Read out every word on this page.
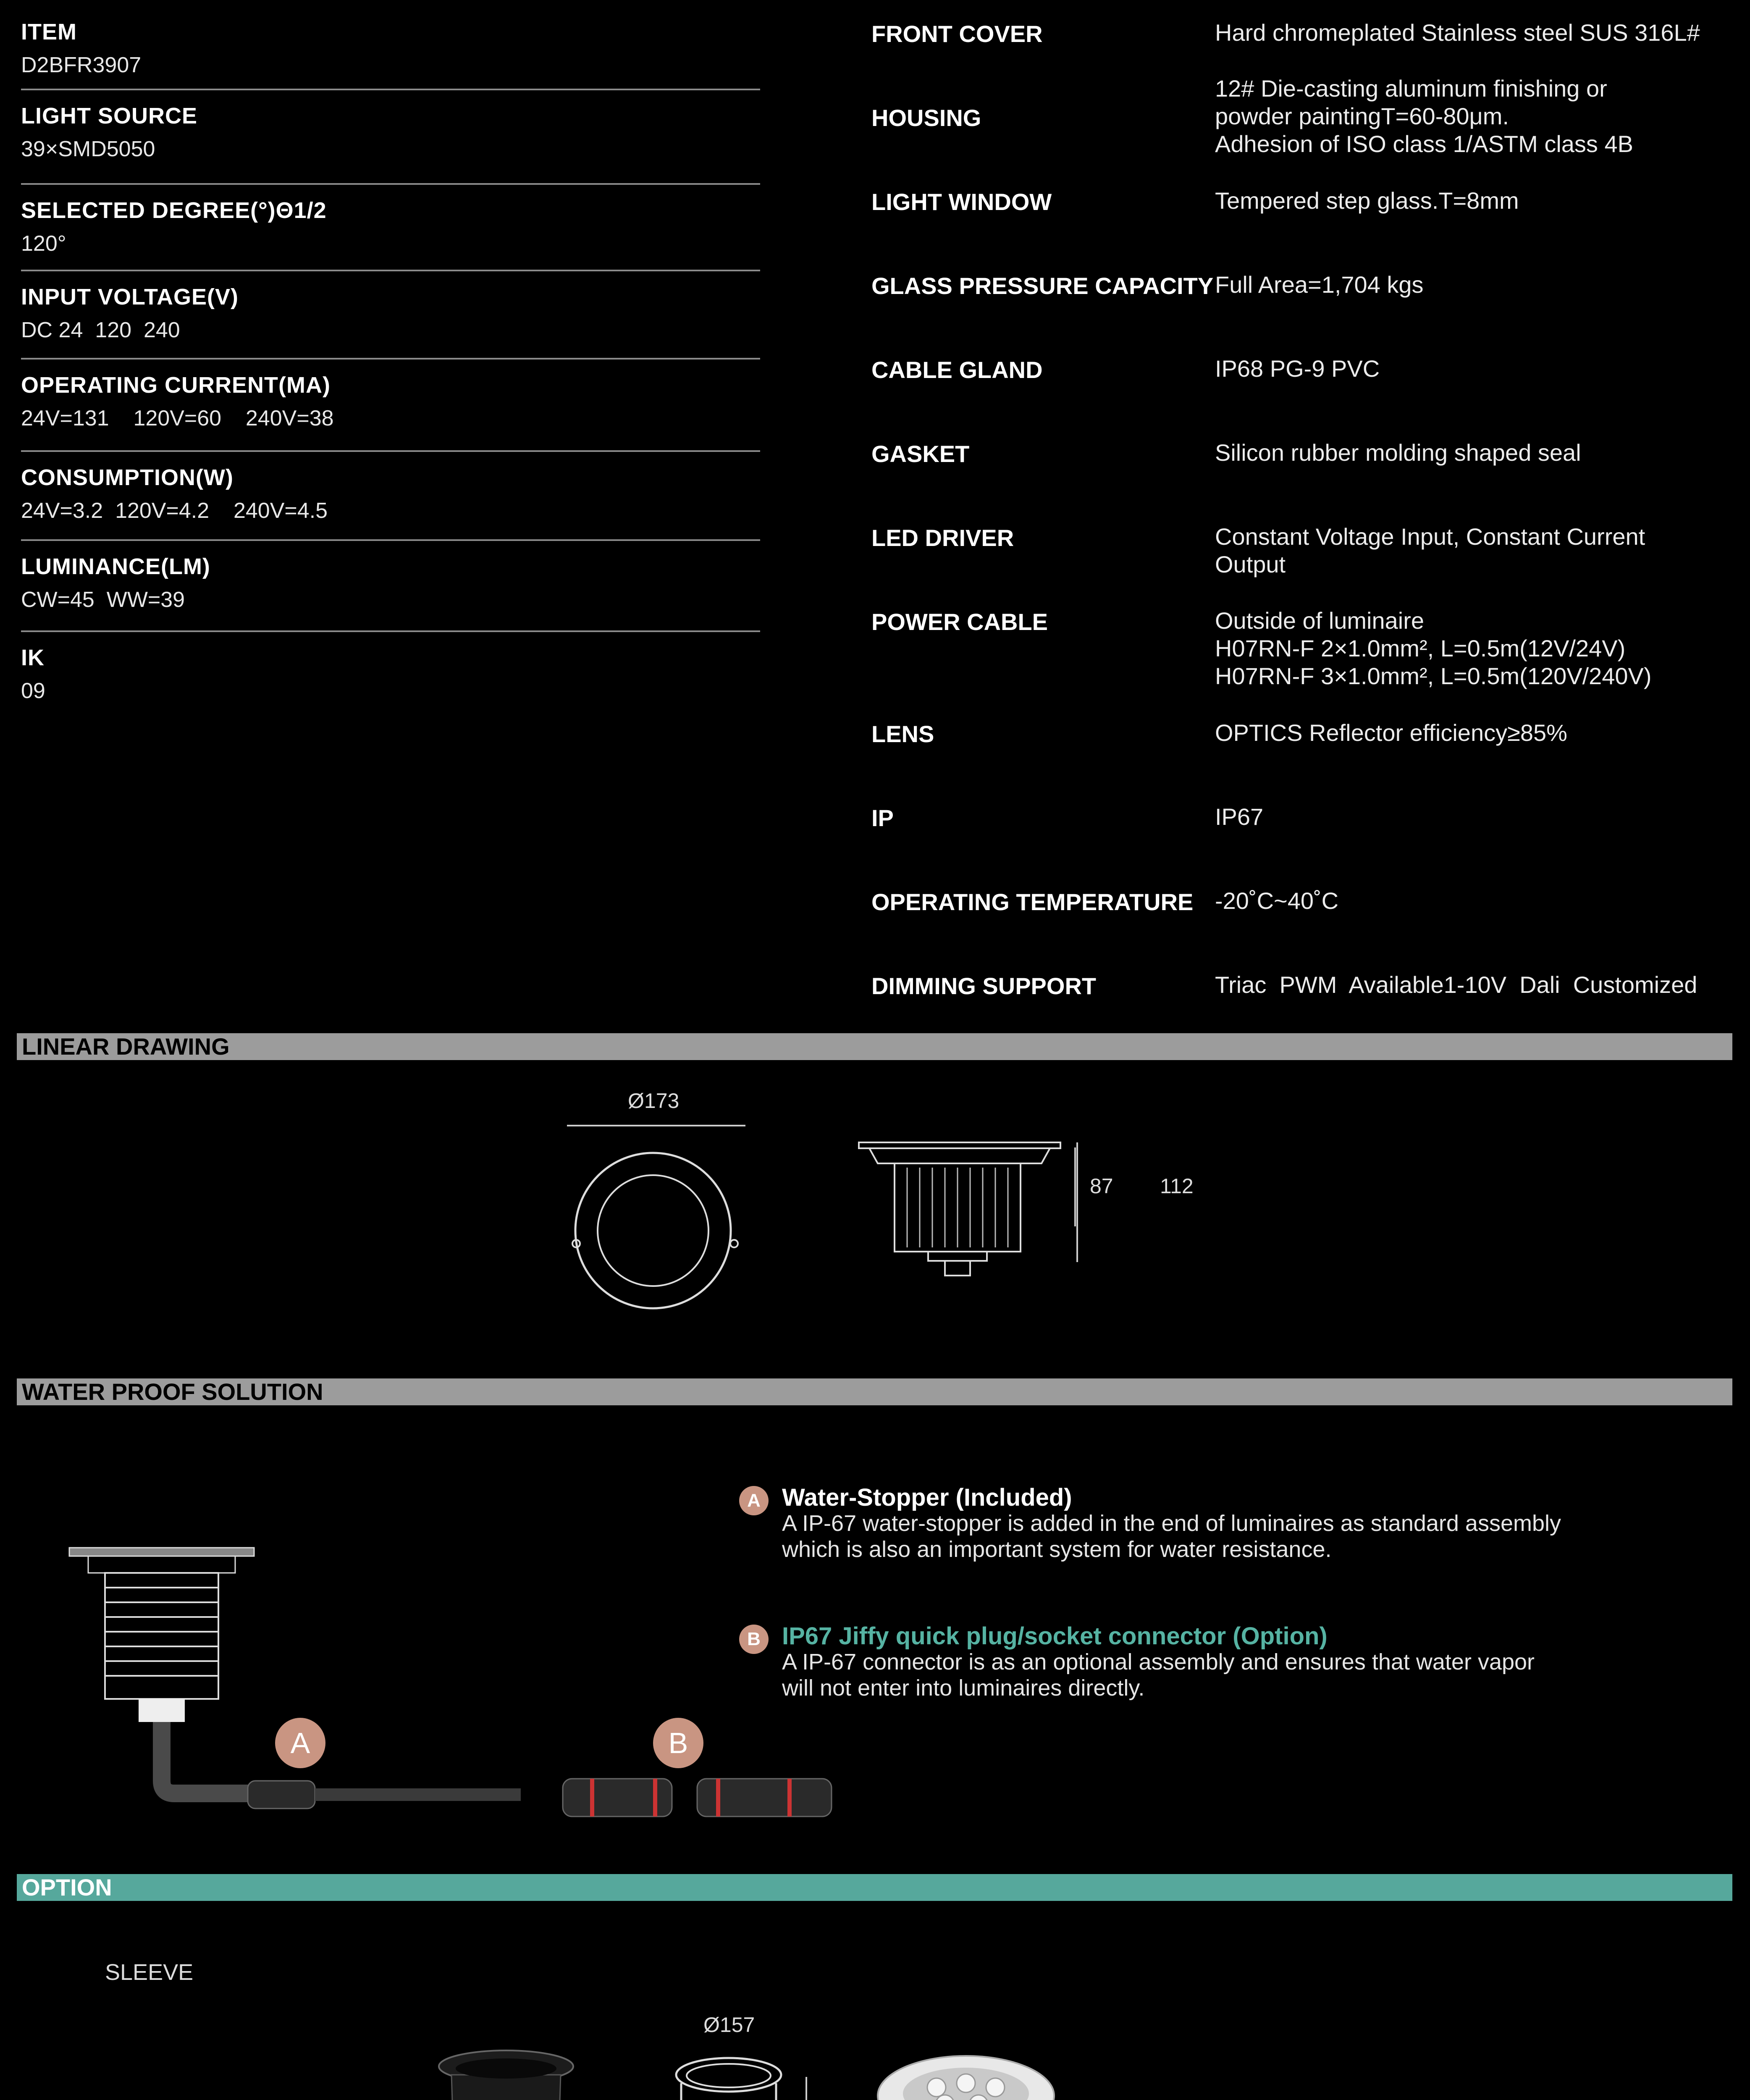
ITEM
D2BFR3907
LIGHT SOURCE
39×SMD5050
SELECTED DEGREE(°)Θ1/2
120°
INPUT VOLTAGE(V)
DC 24  120  240
OPERATING CURRENT(MA)
24V=131    120V=60    240V=38
CONSUMPTION(W)
24V=3.2  120V=4.2    240V=4.5
LUMINANCE(LM)
CW=45  WW=39
IK
09
FRONT COVER	Hard chromeplated Stainless steel SUS 316L#
HOUSING
12# Die-casting aluminum finishing or
powder paintingT=60-80μm.
Adhesion of ISO class 1/ASTM class 4B
LIGHT WINDOW	Tempered step glass.T=8mm
GLASS PRESSURE CAPACITY Full Area=1,704 kgs
CABLE GLAND	IP68 PG-9 PVC
GASKET	Silicon rubber molding shaped seal
LED DRIVER	Constant Voltage Input, Constant Current
Output
POWER CABLE	Outside of luminaire
H07RN-F 2×1.0mm², L=0.5m(12V/24V)
H07RN-F 3×1.0mm², L=0.5m(120V/240V)
LENS	OPTICS Reflector efficiency≥85%
IP	IP67
OPERATING TEMPERATURE -20˚C~40˚C
DIMMING SUPPORT	Triac  PWM  Available1-10V  Dali  Customized
LINEAR DRAWING
Ø173
87 112
WATER PROOF SOLUTION
A	B
A Water-Stopper (Included)
A IP-67 water-stopper is added in the end of luminaires as standard assembly
which is also an important system for water resistance.
B IP67 Jiffy quick plug/socket connector (Option)
A IP-67 connector is as an optional assembly and ensures that water vapor
will not enter into luminaires directly.
OPTION
SLEEVE
Ø157
